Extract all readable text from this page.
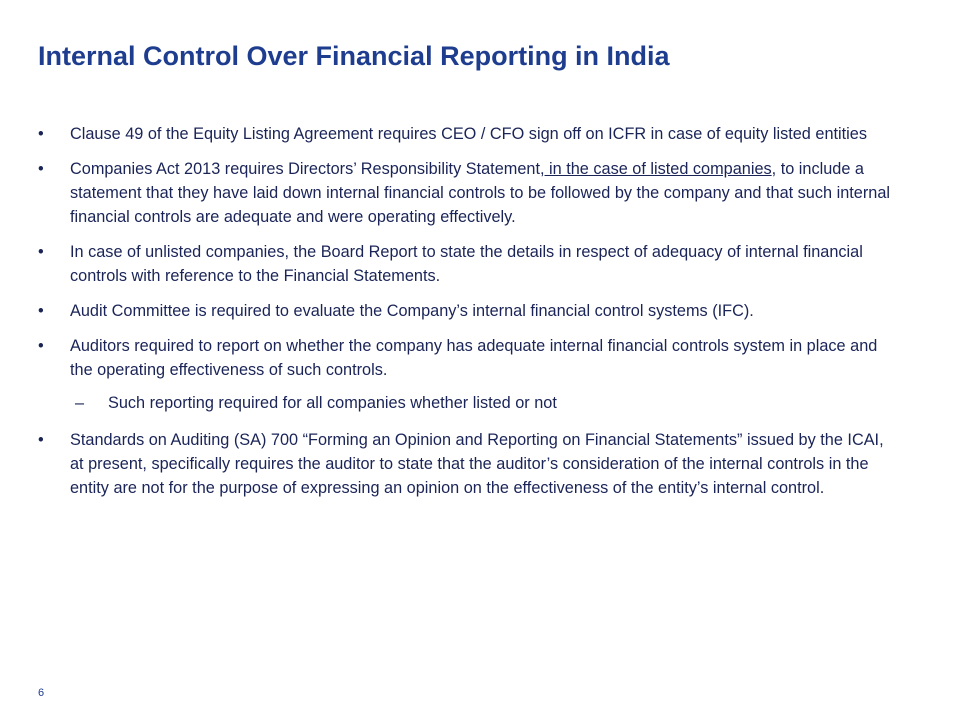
Internal Control Over Financial Reporting in India
• Clause 49 of the Equity Listing Agreement requires CEO / CFO sign off on ICFR in case of equity listed entities
• Companies Act 2013 requires Directors’ Responsibility Statement, in the case of listed companies, to include a statement that they have laid down internal financial controls to be followed by the company and that such internal financial controls are adequate and were operating effectively.
• In case of unlisted companies, the Board Report to state the details in respect of adequacy of internal financial controls with reference to the Financial Statements.
• Audit Committee is required to evaluate the Company’s internal financial control systems (IFC).
• Auditors required to report on whether the company has adequate internal financial controls system in place and the operating effectiveness of such controls.
– Such reporting required for all companies whether listed or not
• Standards on Auditing (SA) 700 “Forming an Opinion and Reporting on Financial Statements” issued by the ICAI, at present, specifically requires the auditor to state that the auditor’s consideration of the internal controls in the entity are not for the purpose of expressing an opinion on the effectiveness of the entity’s internal control.
6
